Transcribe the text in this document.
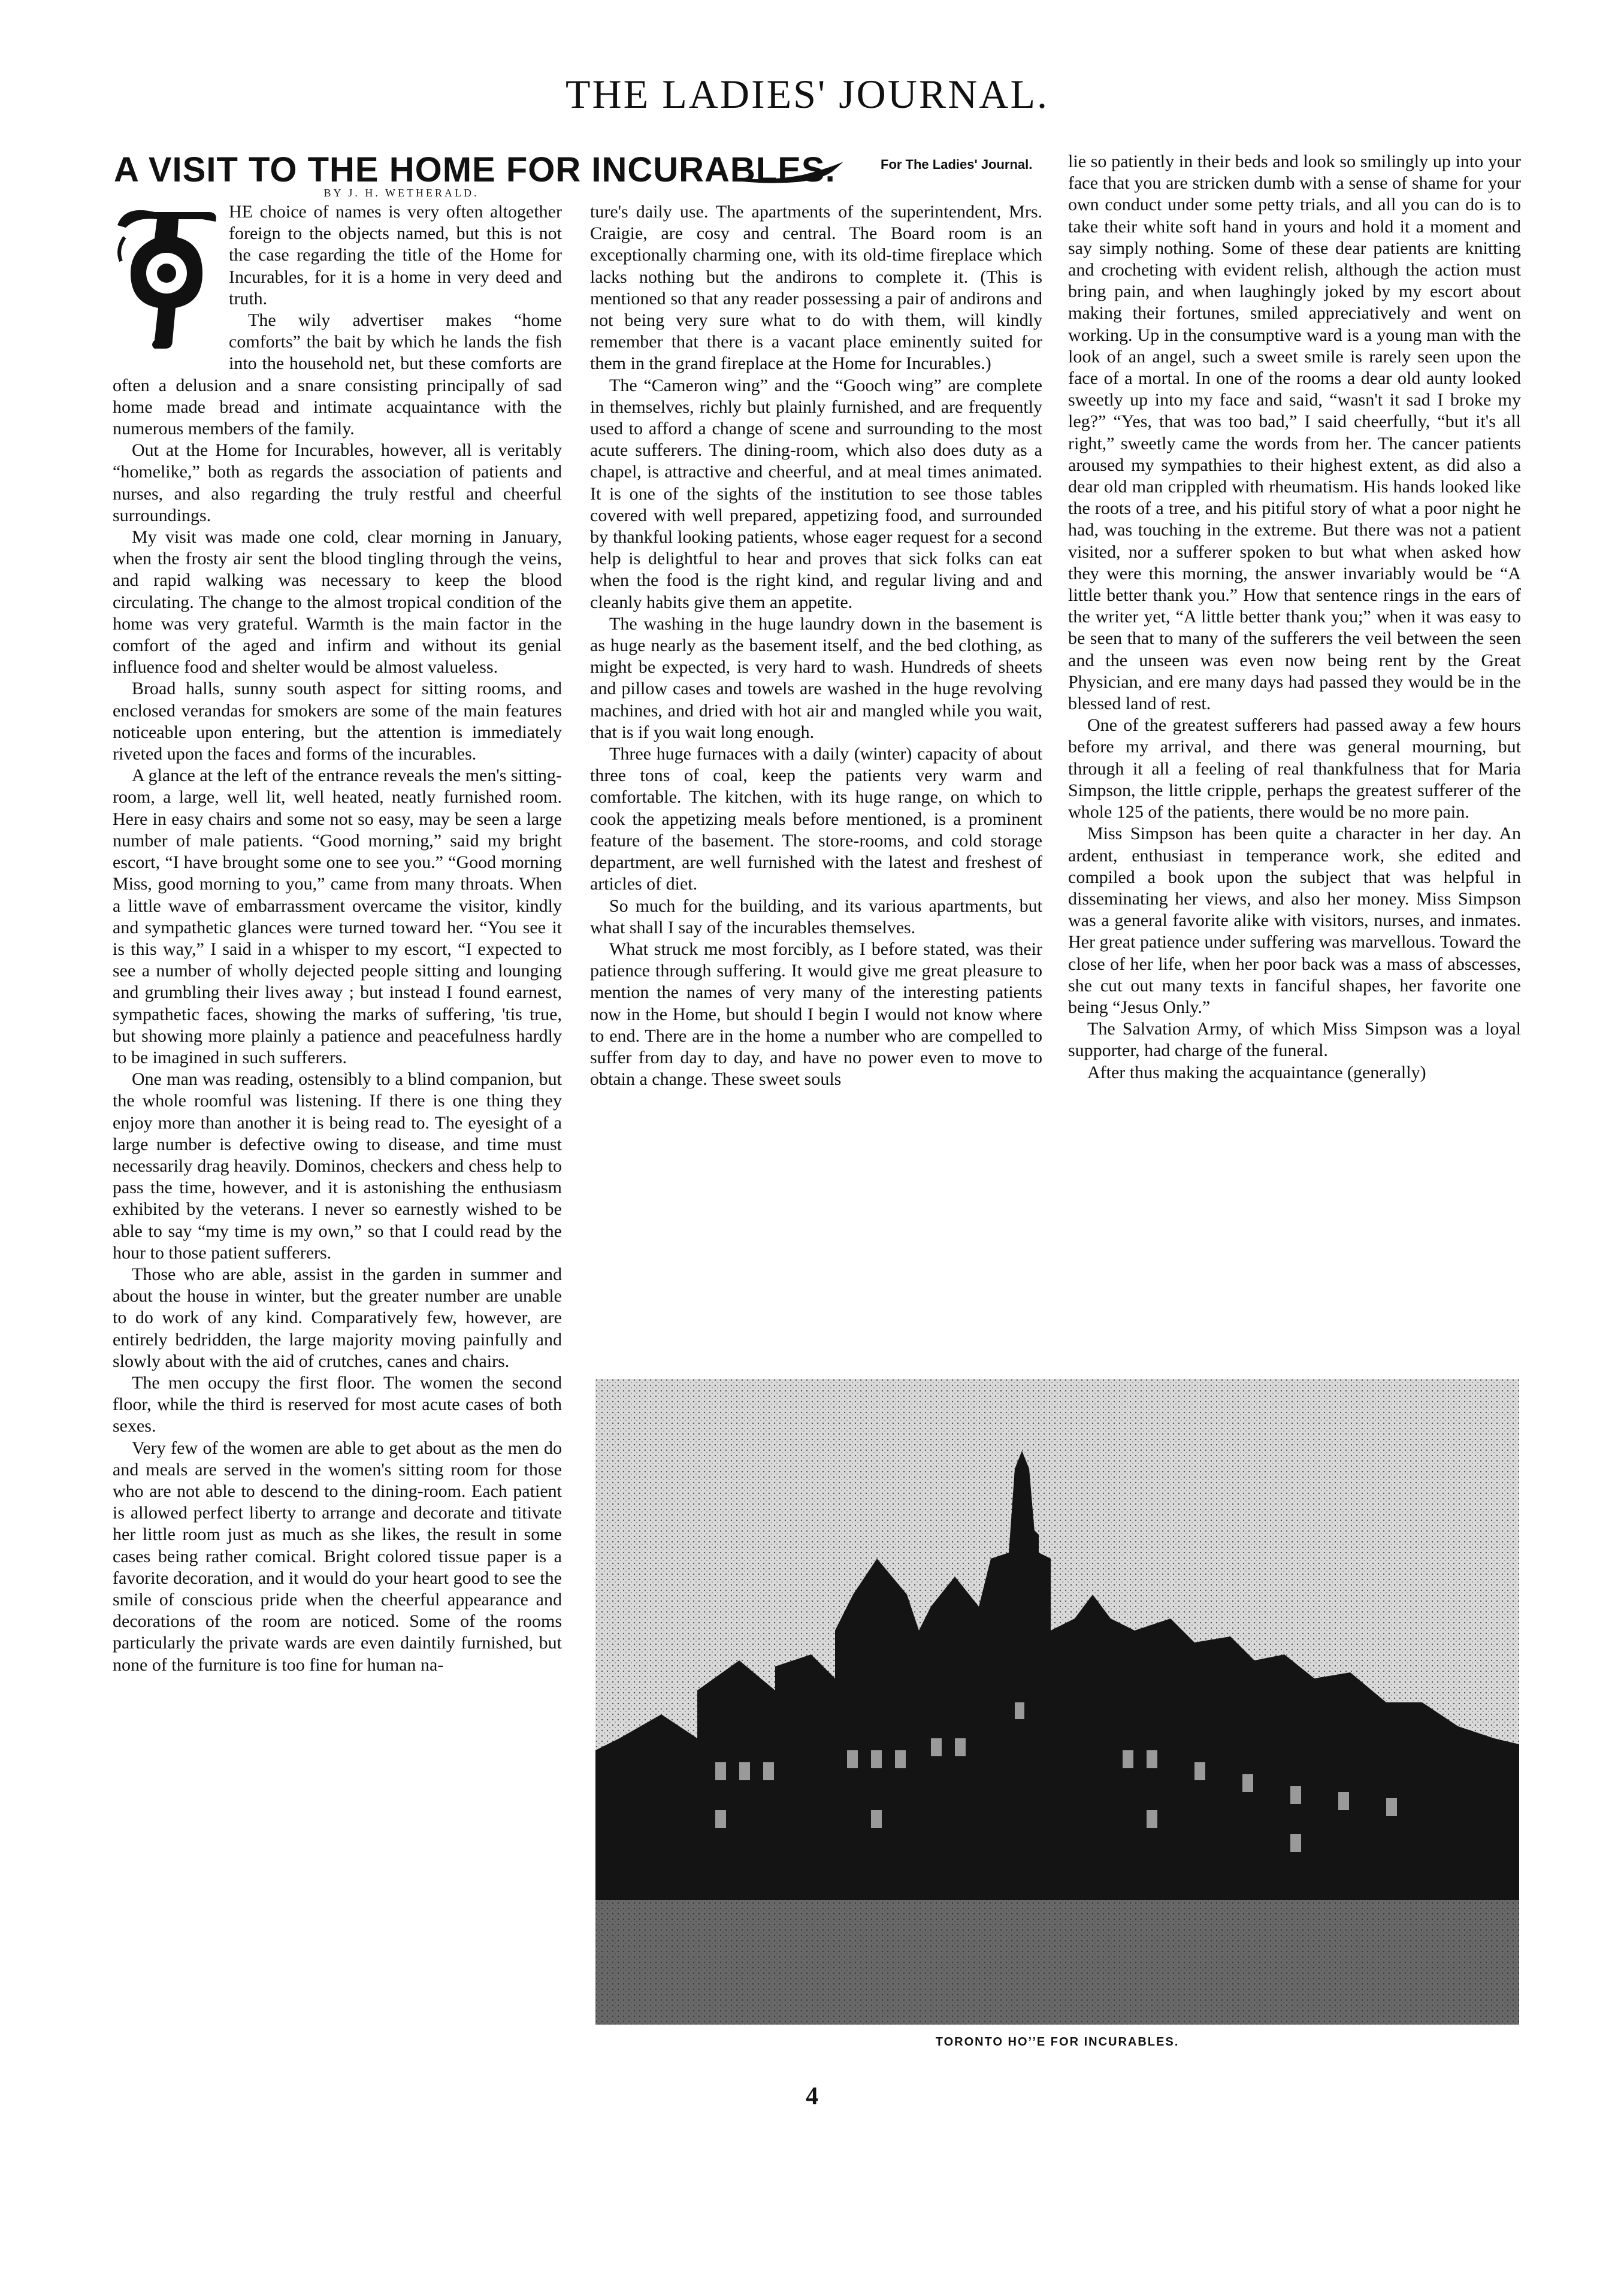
THE LADIES' JOURNAL.
A VISIT TO THE HOME FOR INCURABLES.	For The Ladies' Journal.
BY J. H. WETHERALD.

HE choice of names is very often altogether foreign to the objects named, but this is not the case regarding the title of the Home for Incurables, for it is a home in very deed and truth.

The wily advertiser makes “home comforts” the bait by which he lands the fish into the household net, but these comforts are often a delusion and a snare consisting principally of sad home made bread and intimate acquaintance with the numerous members of the family.

Out at the Home for Incurables, however, all is veritably “homelike,” both as regards the association of patients and nurses, and also regarding the truly restful and cheerful surroundings.

My visit was made one cold, clear morning in January, when the frosty air sent the blood tingling through the veins, and rapid walking was necessary to keep the blood circulating. The change to the almost tropical condition of the home was very grateful. Warmth is the main factor in the comfort of the aged and infirm and without its genial influence food and shelter would be almost valueless.

Broad halls, sunny south aspect for sitting rooms, and enclosed verandas for smokers are some of the main features noticeable upon entering, but the attention is immediately riveted upon the faces and forms of the incurables.

A glance at the left of the entrance reveals the men's sitting-room, a large, well lit, well heated, neatly furnished room. Here in easy chairs and some not so easy, may be seen a large number of male patients. “Good morning,” said my bright escort, “I have brought some one to see you.” “Good morning Miss, good morning to you,” came from many throats. When a little wave of embarrassment overcame the visitor, kindly and sympathetic glances were turned toward her. “You see it is this way,” I said in a whisper to my escort, “I expected to see a number of wholly dejected people sitting and lounging and grumbling their lives away ; but instead I found earnest, sympathetic faces, showing the marks of suffering, 'tis true, but showing more plainly a patience and peacefulness hardly to be imagined in such sufferers.

One man was reading, ostensibly to a blind companion, but the whole roomful was listening. If there is one thing they enjoy more than another it is being read to. The eyesight of a large number is defective owing to disease, and time must necessarily drag heavily. Dominos, checkers and chess help to pass the time, however, and it is astonishing the enthusiasm exhibited by the veterans. I never so earnestly wished to be able to say “my time is my own,” so that I could read by the hour to those patient sufferers.

Those who are able, assist in the garden in summer and about the house in winter, but the greater number are unable to do work of any kind. Comparatively few, however, are entirely bedridden, the large majority moving painfully and slowly about with the aid of crutches, canes and chairs.

The men occupy the first floor. The women the second floor, while the third is reserved for most acute cases of both sexes.

Very few of the women are able to get about as the men do and meals are served in the women's sitting room for those who are not able to descend to the dining-room. Each patient is allowed perfect liberty to arrange and decorate and titivate her little room just as much as she likes, the result in some cases being rather comical. Bright colored tissue paper is a favorite decoration, and it would do your heart good to see the smile of conscious pride when the cheerful appearance and decorations of the room are noticed. Some of the rooms particularly the private wards are even daintily furnished, but none of the furniture is too fine for human na-

ture's daily use. The apartments of the superintendent, Mrs. Craigie, are cosy and central. The Board room is an exceptionally charming one, with its old-time fireplace which lacks nothing but the andirons to complete it. (This is mentioned so that any reader possessing a pair of andirons and not being very sure what to do with them, will kindly remember that there is a vacant place eminently suited for them in the grand fireplace at the Home for Incurables.)

The “Cameron wing” and the “Gooch wing” are complete in themselves, richly but plainly furnished, and are frequently used to afford a change of scene and surrounding to the most acute sufferers. The dining-room, which also does duty as a chapel, is attractive and cheerful, and at meal times animated. It is one of the sights of the institution to see those tables covered with well prepared, appetizing food, and surrounded by thankful looking patients, whose eager request for a second help is delightful to hear and proves that sick folks can eat when the food is the right kind, and regular living and and cleanly habits give them an appetite.

The washing in the huge laundry down in the basement is as huge nearly as the basement itself, and the bed clothing, as might be expected, is very hard to wash. Hundreds of sheets and pillow cases and towels are washed in the huge revolving machines, and dried with hot air and mangled while you wait, that is if you wait long enough.

Three huge furnaces with a daily (winter) capacity of about three tons of coal, keep the patients very warm and comfortable. The kitchen, with its huge range, on which to cook the appetizing meals before mentioned, is a prominent feature of the basement. The store-rooms, and cold storage department, are well furnished with the latest and freshest of articles of diet.

So much for the building, and its various apartments, but what shall I say of the incurables themselves.

What struck me most forcibly, as I before stated, was their patience through suffering. It would give me great pleasure to mention the names of very many of the interesting patients now in the Home, but should I begin I would not know where to end. There are in the home a number who are compelled to suffer from day to day, and have no power even to move to obtain a change. These sweet souls

lie so patiently in their beds and look so smilingly up into your face that you are stricken dumb with a sense of shame for your own conduct under some petty trials, and all you can do is to take their white soft hand in yours and hold it a moment and say simply nothing. Some of these dear patients are knitting and crocheting with evident relish, although the action must bring pain, and when laughingly joked by my escort about making their fortunes, smiled appreciatively and went on working. Up in the consumptive ward is a young man with the look of an angel, such a sweet smile is rarely seen upon the face of a mortal. In one of the rooms a dear old aunty looked sweetly up into my face and said, “wasn't it sad I broke my leg?” “Yes, that was too bad,” I said cheerfully, “but it's all right,” sweetly came the words from her. The cancer patients aroused my sympathies to their highest extent, as did also a dear old man crippled with rheumatism. His hands looked like the roots of a tree, and his pitiful story of what a poor night he had, was touching in the extreme. But there was not a patient visited, nor a sufferer spoken to but what when asked how they were this morning, the answer invariably would be “A little better thank you.” How that sentence rings in the ears of the writer yet, “A little better thank you;” when it was easy to be seen that to many of the sufferers the veil between the seen and the unseen was even now being rent by the Great Physician, and ere many days had passed they would be in the blessed land of rest.

One of the greatest sufferers had passed away a few hours before my arrival, and there was general mourning, but through it all a feeling of real thankfulness that for Maria Simpson, the little cripple, perhaps the greatest sufferer of the whole 125 of the patients, there would be no more pain.

Miss Simpson has been quite a character in her day. An ardent, enthusiast in temperance work, she edited and compiled a book upon the subject that was helpful in disseminating her views, and also her money. Miss Simpson was a general favorite alike with visitors, nurses, and inmates. Her great patience under suffering was marvellous. Toward the close of her life, when her poor back was a mass of abscesses, she cut out many texts in fanciful shapes, her favorite one being “Jesus Only.”

The Salvation Army, of which Miss Simpson was a loyal supporter, had charge of the funeral.

After thus making the acquaintance (generally)

TORONTO HO’’E FOR INCURABLES.
4
